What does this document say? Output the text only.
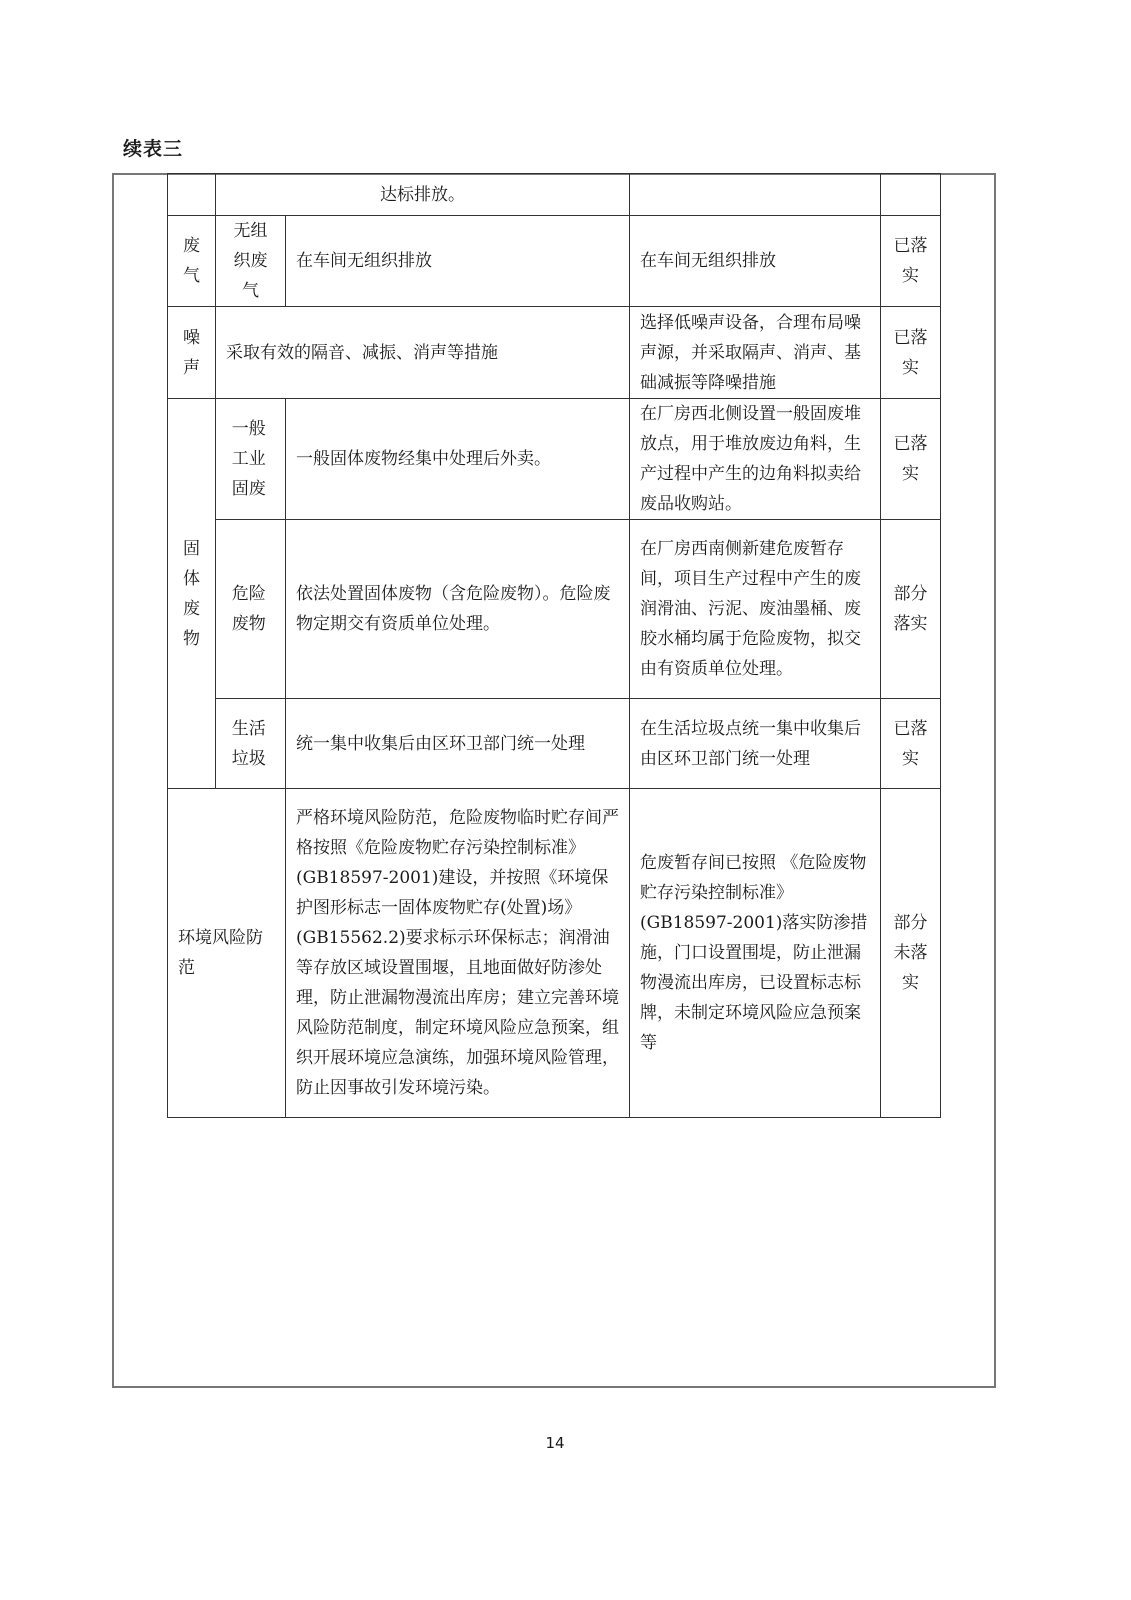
续表三
	达标排放。			
废气	无组织废气	在车间无组织排放	在车间无组织排放	已落实
噪声	采取有效的隔音、减振、消声等措施		选择低噪声设备，合理布局噪声源，并采取隔声、消声、基础减振等降噪措施	已落实
固体废物	一般工业固废	一般固体废物经集中处理后外卖。	在厂房西北侧设置一般固废堆放点，用于堆放废边角料，生产过程中产生的边角料拟卖给废品收购站。	已落实
	危险废物	依法处置固体废物（含危险废物）。危险废物定期交有资质单位处理。	在厂房西南侧新建危废暂存间，项目生产过程中产生的废润滑油、污泥、废油墨桶、废胶水桶均属于危险废物，拟交由有资质单位处理。	部分落实
	生活垃圾	统一集中收集后由区环卫部门统一处理	在生活垃圾点统一集中收集后由区环卫部门统一处理	已落实
环境风险防范		严格环境风险防范，危险废物临时贮存间严格按照《危险废物贮存污染控制标准》(GB18597-2001)建设，并按照《环境保护图形标志一固体废物贮存(处置)场》(GB15562.2)要求标示环保标志；润滑油等存放区域设置围堰，且地面做好防渗处理，防止泄漏物漫流出库房；建立完善环境风险防范制度，制定环境风险应急预案，组织开展环境应急演练，加强环境风险管理，防止因事故引发环境污染。	危废暂存间已按照 《危险废物贮存污染控制标准》(GB18597-2001)落实防渗措施，门口设置围堤，防止泄漏物漫流出库房，已设置标志标牌，未制定环境风险应急预案等	部分未落实
14
